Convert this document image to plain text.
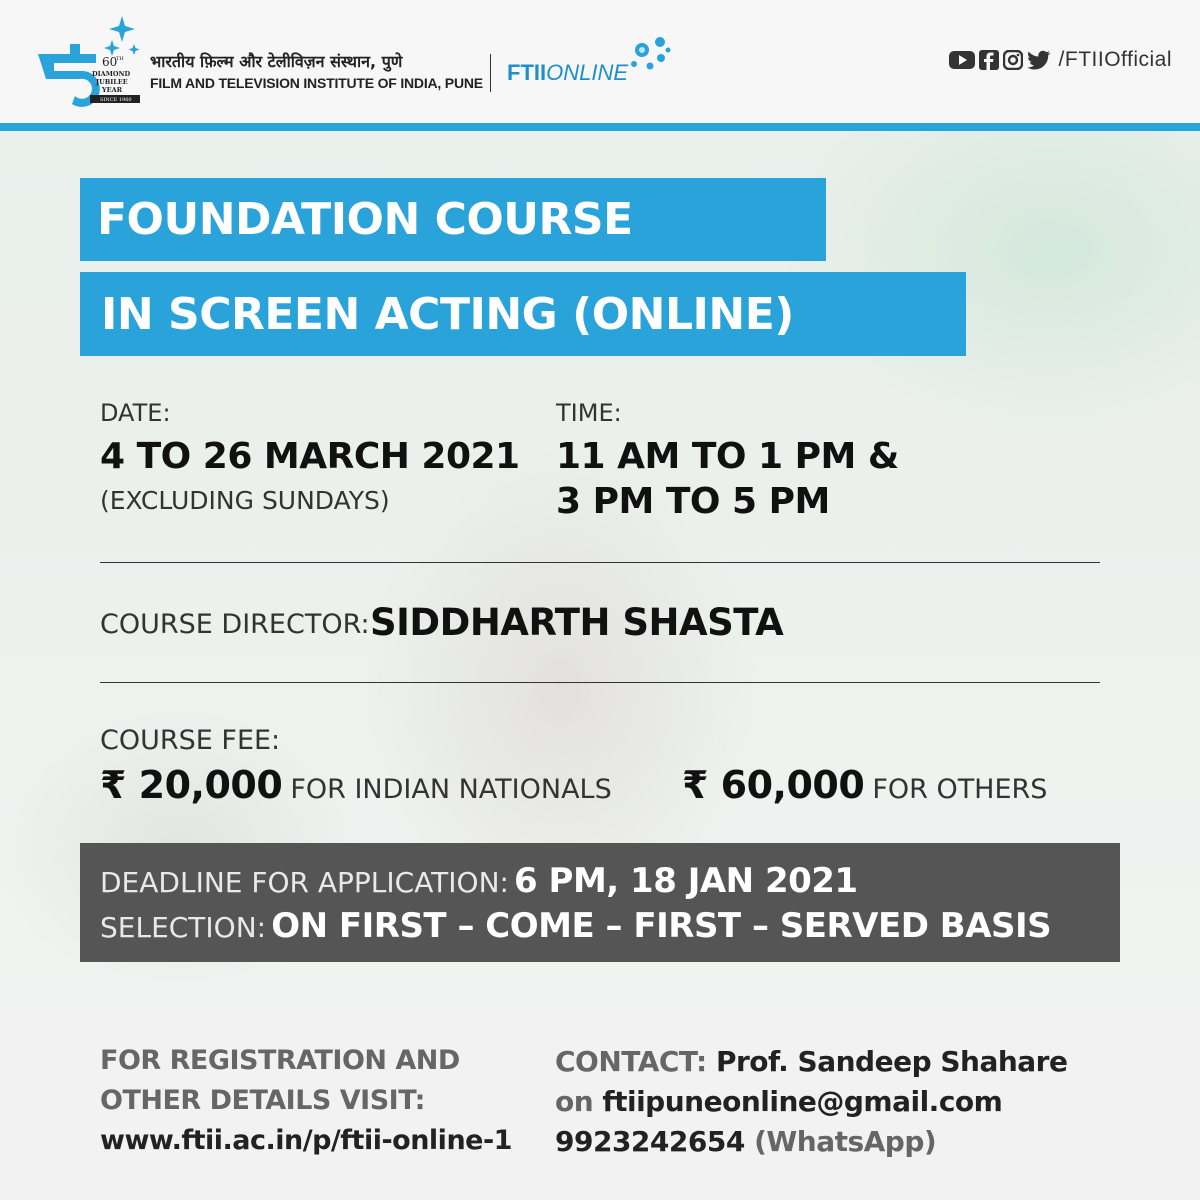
60
TH
DIAMOND
JUBILEE
YEAR
SINCE 1960
भारतीय फ़िल्म और टेलीविज़न संस्थान, पुणे
FILM AND TELEVISION INSTITUTE OF INDIA, PUNE FTIIONLINE
/FTIIOfficial
FOUNDATION COURSE
IN SCREEN ACTING (ONLINE)
DATE:
4 TO 26 MARCH 2021
(EXCLUDING SUNDAYS)
TIME:
11 AM TO 1 PM &
3 PM TO 5 PM
COURSE DIRECTOR: SIDDHARTH SHASTA
COURSE FEE:
₹ 20,000 FOR INDIAN NATIONALS ₹ 60,000 FOR OTHERS
DEADLINE FOR APPLICATION: 6 PM, 18 JAN 2021
SELECTION: ON FIRST – COME – FIRST – SERVED BASIS
FOR REGISTRATION AND
OTHER DETAILS VISIT:
www.ftii.ac.in/p/ftii-online-1
CONTACT: Prof. Sandeep Shahare
on ftiipuneonline@gmail.com
9923242654 (WhatsApp)
